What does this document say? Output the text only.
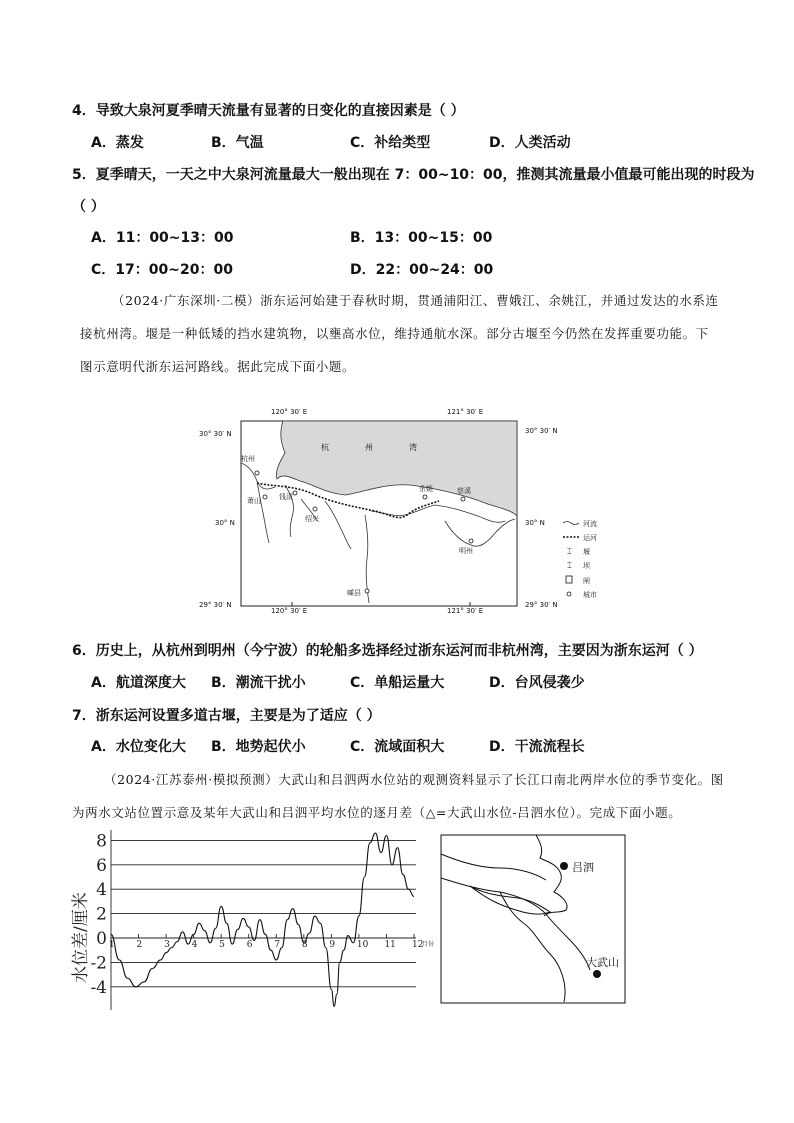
4．导致大泉河夏季晴天流量有显著的日变化的直接因素是（ ）
A．蒸发	B．气温	C．补给类型	D．人类活动
5．夏季晴天，一天之中大泉河流量最大一般出现在 7：00~10：00，推测其流量最小值最可能出现的时段为
（ ）
A．11：00~13：00	B．13：00~15：00
C．17：00~20：00	D．22：00~24：00

（2024·广东深圳·二模）浙东运河始建于春秋时期，贯通浦阳江、曹娥江、余姚江，并通过发达的水系连接杭州湾。堰是一种低矮的挡水建筑物，以壅高水位，维持通航水深。部分古堰至今仍然在发挥重要功能。下图示意明代浙东运河路线。据此完成下面小题。

120° 30′ E	121° 30′ E
120° 30′ E	121° 30′ E
30° 30′ N	30° 30′ N
30° N	30° N
29° 30′ N	29° 30′ N
杭	州	湾
杭州
萧山	钱清
绍兴
余姚	慈溪
明州
嵊县
河流
运河
⌶ 堰
⌶ 坝
闸
城市
6．历史上，从杭州到明州（今宁波）的轮船多选择经过浙东运河而非杭州湾，主要因为浙东运河（ ）
A．航道深度大 B．潮流干扰小	C．单船运量大	D．台风侵袭少
7．浙东运河设置多道古堰，主要是为了适应（ ）
A．水位变化大 B．地势起伏小	C．流域面积大	D．干流流程长

（2024·江苏泰州·模拟预测）大武山和吕泗两水位站的观测资料显示了长江口南北两岸水位的季节变化。图为两水文站位置示意及某年大武山和吕泗平均水位的逐月差（△=大武山水位-吕泗水位）。完成下面小题。

水位差/厘米
-4
-2
0
2
4
6
8
1 2 3 4 5 6 7 8 9 10 11 12
月份
吕泗
大武山
